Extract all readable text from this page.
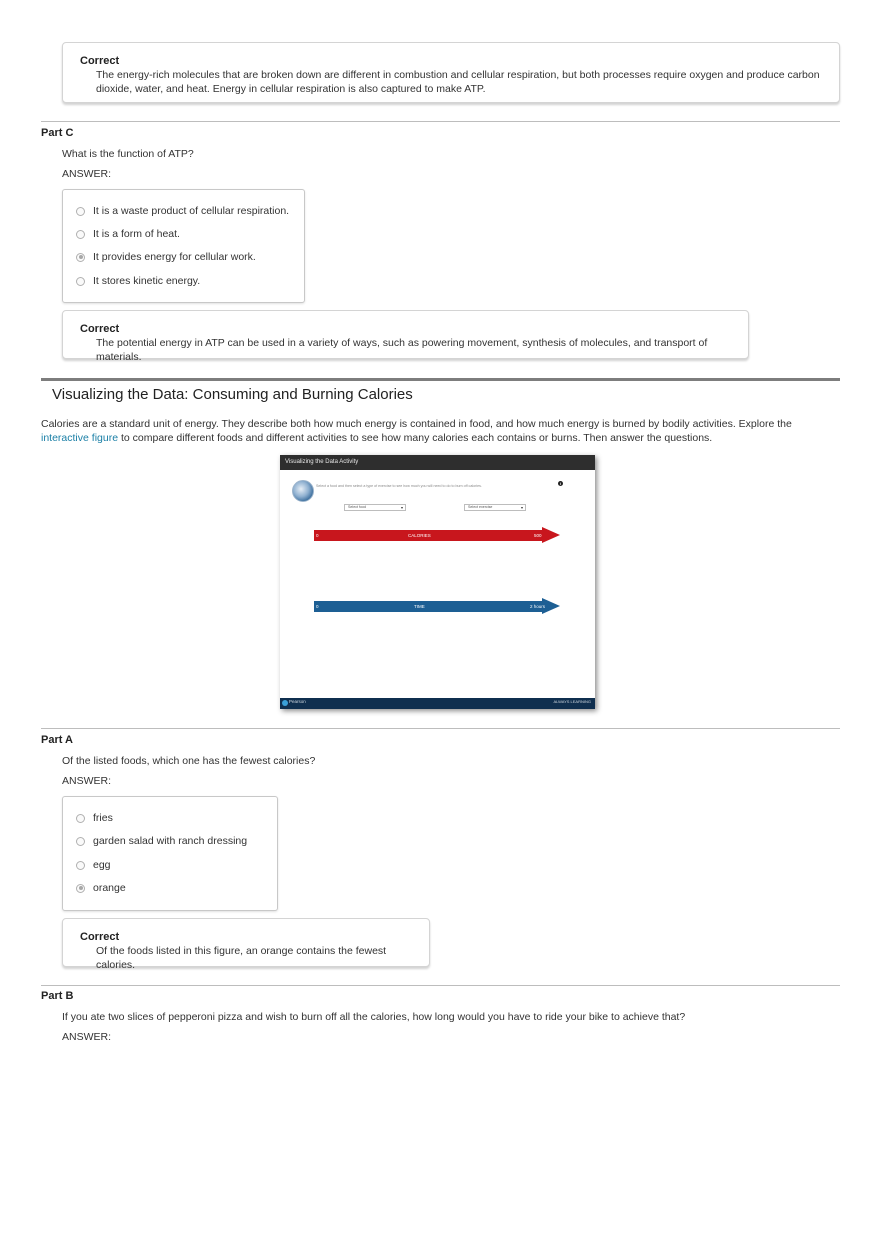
Correct
The energy-rich molecules that are broken down are different in combustion and cellular respiration, but both processes require oxygen and produce carbon dioxide, water, and heat. Energy in cellular respiration is also captured to make ATP.
Part C
What is the function of ATP?
ANSWER:
It is a waste product of cellular respiration.
It is a form of heat.
It provides energy for cellular work.
It stores kinetic energy.
Correct
The potential energy in ATP can be used in a variety of ways, such as powering movement, synthesis of molecules, and transport of materials.
Visualizing the Data: Consuming and Burning Calories
Calories are a standard unit of energy. They describe both how much energy is contained in food, and how much energy is burned by bodily activities. Explore the interactive figure to compare different foods and different activities to see how many calories each contains or burns. Then answer the questions.
Visualizing the Data Activity
Select a food and then select a type of exercise to see how much you will need to do to burn off calories.	i
Select food	▾	Select exercise	▾
0	CALORIES	500
0	TIME	2 hours
Pearson	ALWAYS LEARNING
Part A
Of the listed foods, which one has the fewest calories?
ANSWER:
fries
garden salad with ranch dressing
egg
orange
Correct
Of the foods listed in this figure, an orange contains the fewest calories.
Part B
If you ate two slices of pepperoni pizza and wish to burn off all the calories, how long would you have to ride your bike to achieve that?
ANSWER:
